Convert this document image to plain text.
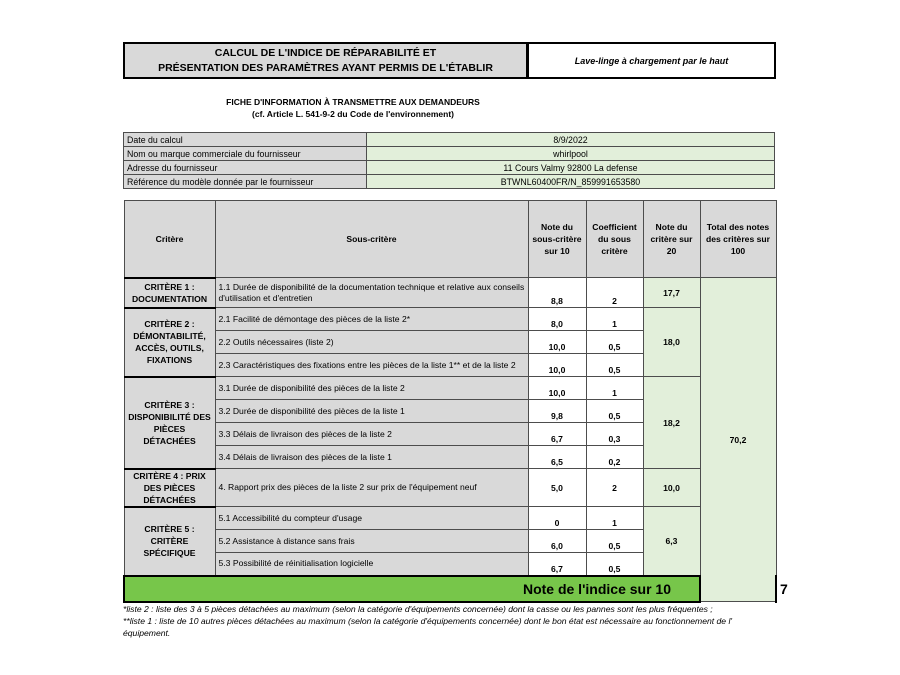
CALCUL DE L'INDICE DE RÉPARABILITÉ ET
PRÉSENTATION DES PARAMÈTRES AYANT PERMIS DE L'ÉTABLIR
Lave-linge à chargement par le haut
FICHE D'INFORMATION À TRANSMETTRE AUX DEMANDEURS
(cf. Article L. 541-9-2 du Code de l'environnement)
Date du calcul	8/9/2022
Nom ou marque commerciale du fournisseur	whirlpool
Adresse du fournisseur	11 Cours Valmy 92800 La defense
Référence du modèle donnée par le fournisseur	BTWNL60400FR/N_859991653580
Critère	Sous-critère	Note du sous-critère sur 10	Coefficient du sous critère	Note du critère sur 20	Total des notes des critères sur 100	
CRITÈRE 1 : DOCUMENTATION	1.1 Durée de disponibilité de la documentation technique et relative aux conseils d'utilisation et d'entretien	8,8	2	17,7	70,2	
CRITÈRE 2 : DÉMONTABILITÉ, ACCÈS, OUTILS, FIXATIONS	2.1 Facilité de démontage des pièces de la liste 2*	8,0	1	18,0		
	2.2 Outils nécessaires (liste 2)	10,0	0,5			
	2.3 Caractéristiques des fixations entre les pièces de la liste 1** et de la liste 2	10,0	0,5			
CRITÈRE 3 : DISPONIBILITÉ DES PIÈCES DÉTACHÉES	3.1 Durée de disponibilité des pièces de la liste 2	10,0	1	18,2		
	3.2 Durée de disponibilité des pièces de la liste 1	9,8	0,5			
	3.3 Délais de livraison des pièces de la liste 2	6,7	0,3			
	3.4 Délais de livraison des pièces de la liste 1	6,5	0,2			
CRITÈRE 4 : PRIX DES PIÈCES DÉTACHÉES	4. Rapport prix des pièces de la liste 2 sur prix de l'équipement neuf	5,0	2	10,0		
CRITÈRE 5 : CRITÈRE SPÉCIFIQUE	5.1 Accessibilité du compteur d'usage	0	1	6,3		
	5.2 Assistance à distance sans frais	6,0	0,5			
	5.3 Possibilité de réinitialisation logicielle	6,7	0,5			
Note de l'indice sur 10						7
*liste 2 : liste des 3 à 5 pièces détachées au maximum (selon la catégorie d'équipements concernée) dont la casse ou les pannes sont les plus fréquentes ;
**liste 1 : liste de 10 autres pièces détachées au maximum (selon la catégorie d'équipements concernée) dont le bon état est nécessaire au fonctionnement de l'
équipement.
